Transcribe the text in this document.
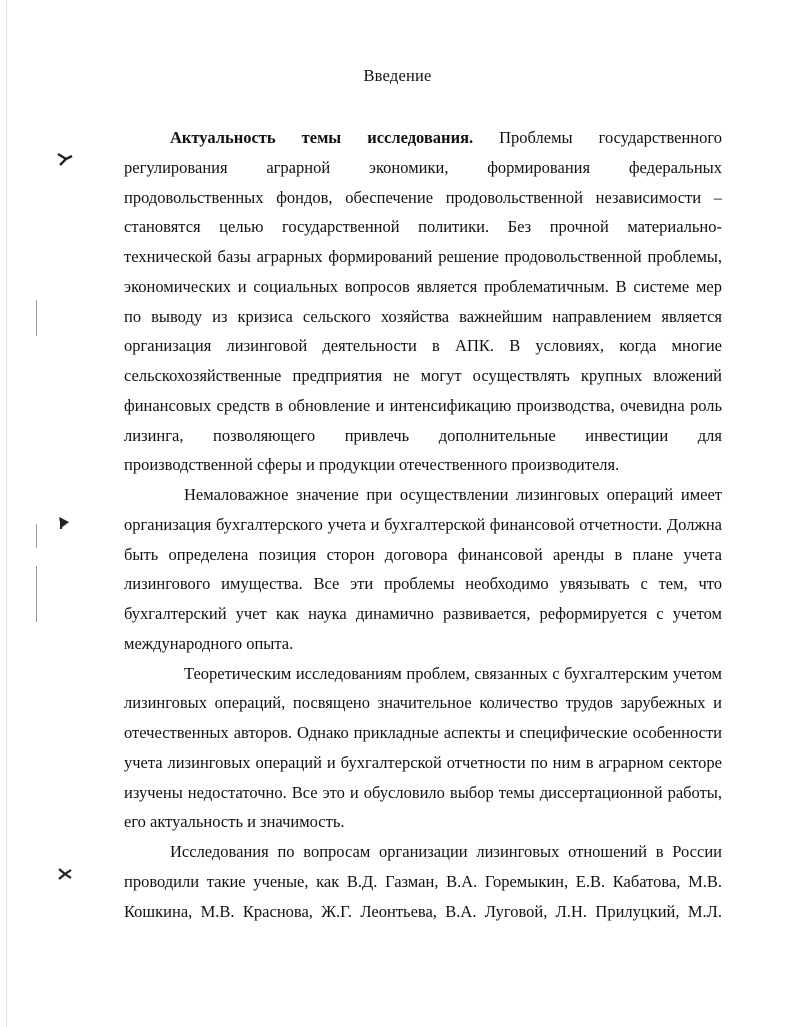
Введение

Актуальность темы исследования. Проблемы государственного регулирования аграрной экономики, формирования федеральных продовольственных фондов, обеспечение продовольственной независимости – становятся целью государственной политики. Без прочной материально-технической базы аграрных формирований решение продовольственной проблемы, экономических и социальных вопросов является проблематичным. В системе мер по выводу из кризиса сельского хозяйства важнейшим направлением является организация лизинговой деятельности в АПК. В условиях, когда многие сельскохозяйственные предприятия не могут осуществлять крупных вложений финансовых средств в обновление и интенсификацию производства, очевидна роль лизинга, позволяющего привлечь дополнительные инвестиции для производственной сферы и продукции отечественного производителя.

Немаловажное значение при осуществлении лизинговых операций имеет организация бухгалтерского учета и бухгалтерской финансовой отчетности. Должна быть определена позиция сторон договора финансовой аренды в плане учета лизингового имущества. Все эти проблемы необходимо увязывать с тем, что бухгалтерский учет как наука динамично развивается, реформируется с учетом международного опыта.

Теоретическим исследованиям проблем, связанных с бухгалтерским учетом лизинговых операций, посвящено значительное количество трудов зарубежных и отечественных авторов. Однако прикладные аспекты и специфические особенности учета лизинговых операций и бухгалтерской отчетности по ним в аграрном секторе изучены недостаточно. Все это и обусловило выбор темы диссертационной работы, его актуальность и значимость.

Исследования по вопросам организации лизинговых отношений в России проводили такие ученые, как В.Д. Газман, В.А. Горемыкин, Е.В. Кабатова, М.В. Кошкина, М.В. Краснова, Ж.Г. Леонтьева, В.А. Луговой, Л.Н. Прилуцкий, М.Л.
